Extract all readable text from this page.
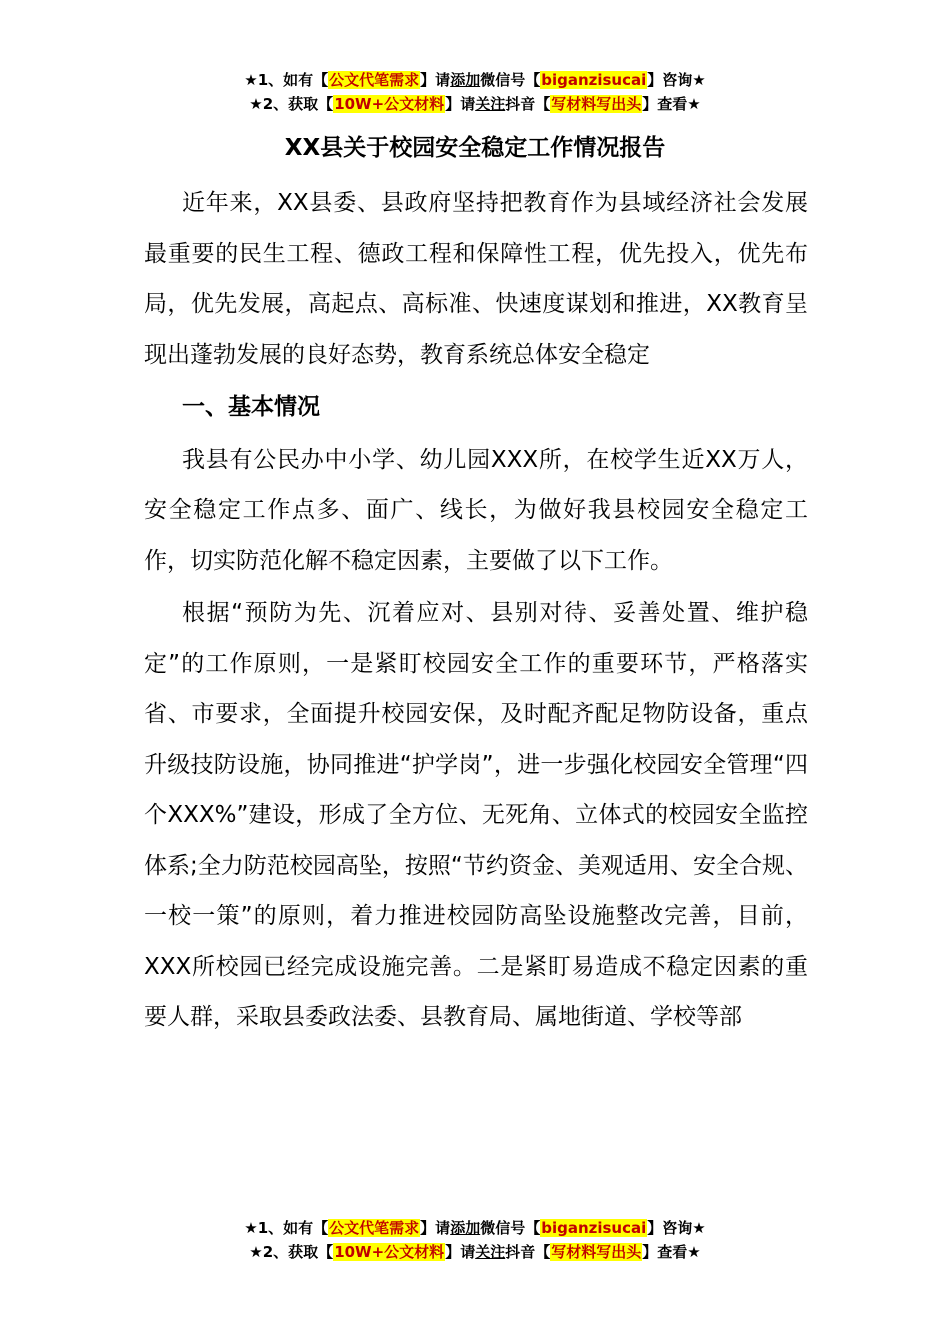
★1、如有【公文代笔需求】请添加微信号【biganzisucai】咨询★
★2、获取【10W+公文材料】请关注抖音【写材料写出头】查看★
XX县关于校园安全稳定工作情况报告

近年来，XX县委、县政府坚持把教育作为县域经济社会发展最重要的民生工程、德政工程和保障性工程，优先投入，优先布局，优先发展，高起点、高标准、快速度谋划和推进，XX教育呈现出蓬勃发展的良好态势，教育系统总体安全稳定

一、基本情况

我县有公民办中小学、幼儿园XXX所，在校学生近XX万人，安全稳定工作点多、面广、线长，为做好我县校园安全稳定工作，切实防范化解不稳定因素，主要做了以下工作。

根据“预防为先、沉着应对、县别对待、妥善处置、维护稳定”的工作原则，一是紧盯校园安全工作的重要环节，严格落实省、市要求，全面提升校园安保，及时配齐配足物防设备，重点升级技防设施，协同推进“护学岗”，进一步强化校园安全管理“四个XXX%”建设，形成了全方位、无死角、立体式的校园安全监控体系;全力防范校园高坠，按照“节约资金、美观适用、安全合规、一校一策”的原则，着力推进校园防高坠设施整改完善，目前，XXX所校园已经完成设施完善。二是紧盯易造成不稳定因素的重要人群，采取县委政法委、县教育局、属地街道、学校等部

★1、如有【公文代笔需求】请添加微信号【biganzisucai】咨询★
★2、获取【10W+公文材料】请关注抖音【写材料写出头】查看★
